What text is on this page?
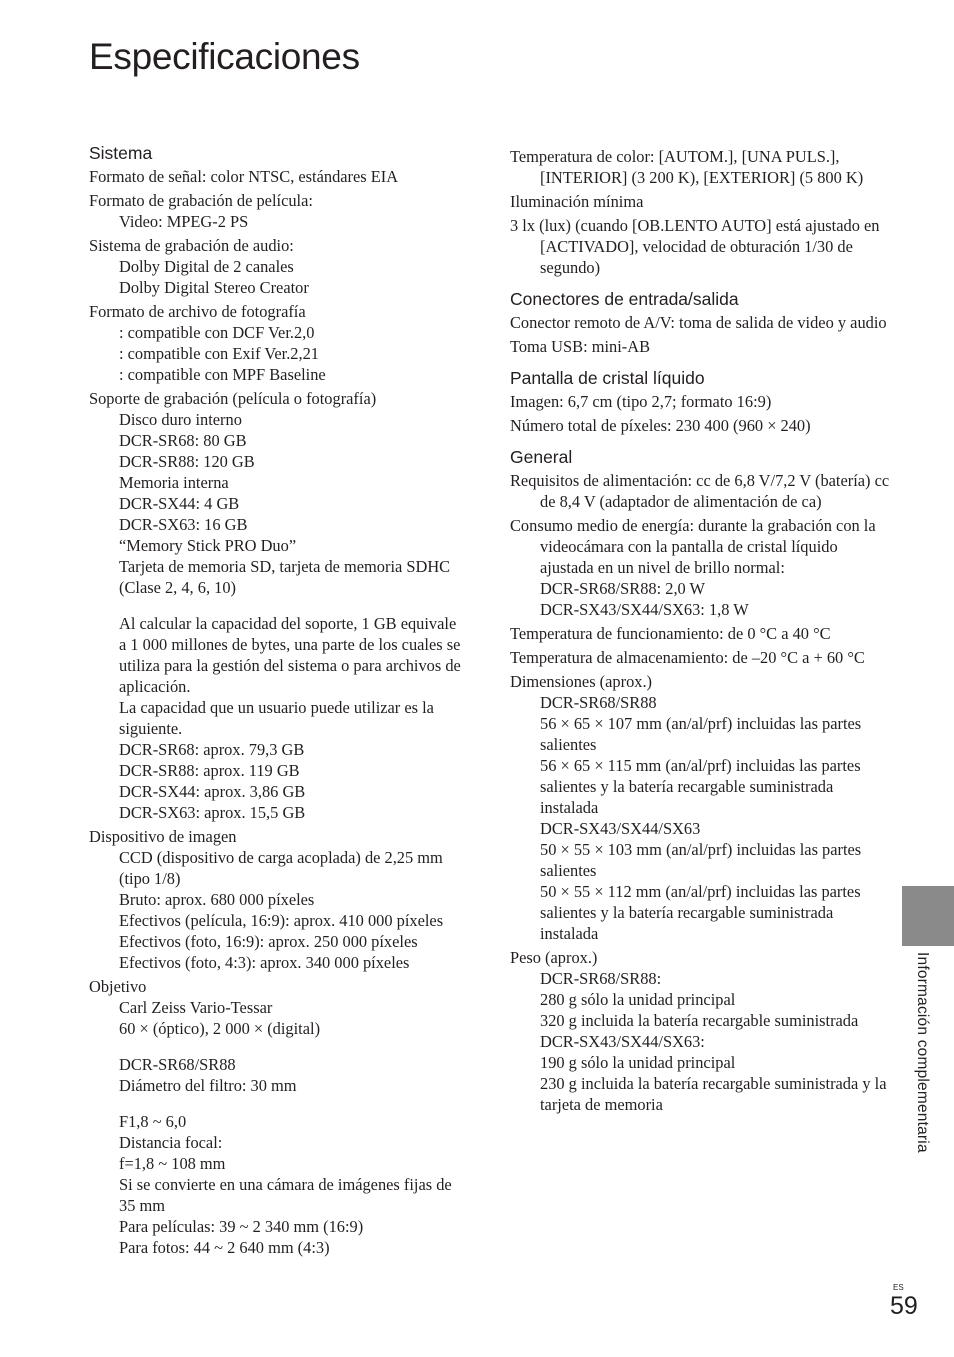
Especificaciones
Sistema
Formato de señal: color NTSC, estándares EIA
Formato de grabación de película:
Video: MPEG-2 PS
Sistema de grabación de audio:
Dolby Digital de 2 canales
Dolby Digital Stereo Creator
Formato de archivo de fotografía
: compatible con DCF Ver.2,0
: compatible con Exif Ver.2,21
: compatible con MPF Baseline
Soporte de grabación (película o fotografía)
Disco duro interno
DCR-SR68: 80 GB
DCR-SR88: 120 GB
Memoria interna
DCR-SX44: 4 GB
DCR-SX63: 16 GB
“Memory Stick PRO Duo”
Tarjeta de memoria SD, tarjeta de memoria SDHC (Clase 2, 4, 6, 10)
Al calcular la capacidad del soporte, 1 GB equivale a 1 000 millones de bytes, una parte de los cuales se utiliza para la gestión del sistema o para archivos de aplicación.
La capacidad que un usuario puede utilizar es la siguiente.
DCR-SR68: aprox. 79,3 GB
DCR-SR88: aprox. 119 GB
DCR-SX44: aprox. 3,86 GB
DCR-SX63: aprox. 15,5 GB
Dispositivo de imagen
CCD (dispositivo de carga acoplada) de 2,25 mm (tipo 1/8)
Bruto: aprox. 680 000 píxeles
Efectivos (película, 16:9): aprox. 410 000 píxeles
Efectivos (foto, 16:9): aprox. 250 000 píxeles
Efectivos (foto, 4:3): aprox. 340 000 píxeles
Objetivo
Carl Zeiss Vario-Tessar
60 × (óptico), 2 000 × (digital)
DCR-SR68/SR88
Diámetro del filtro: 30 mm
F1,8 ~ 6,0
Distancia focal:
f=1,8 ~ 108 mm
Si se convierte en una cámara de imágenes fijas de 35 mm
Para películas: 39 ~ 2 340 mm (16:9)
Para fotos: 44 ~ 2 640 mm (4:3)
Temperatura de color: [AUTOM.], [UNA PULS.], [INTERIOR] (3 200 K), [EXTERIOR] (5 800 K)
Iluminación mínima
3 lx (lux) (cuando [OB.LENTO AUTO] está ajustado en [ACTIVADO], velocidad de obturación 1/30 de segundo)
Conectores de entrada/salida
Conector remoto de A/V: toma de salida de video y audio
Toma USB: mini-AB
Pantalla de cristal líquido
Imagen: 6,7 cm (tipo 2,7; formato 16:9)
Número total de píxeles: 230 400 (960 × 240)
General
Requisitos de alimentación: cc de 6,8 V/7,2 V (batería) cc de 8,4 V (adaptador de alimentación de ca)
Consumo medio de energía: durante la grabación con la videocámara con la pantalla de cristal líquido ajustada en un nivel de brillo normal:
DCR-SR68/SR88: 2,0 W
DCR-SX43/SX44/SX63: 1,8 W
Temperatura de funcionamiento: de 0 °C a 40 °C
Temperatura de almacenamiento: de –20 °C a + 60 °C
Dimensiones (aprox.)
DCR-SR68/SR88
56 × 65 × 107 mm (an/al/prf) incluidas las partes salientes
56 × 65 × 115 mm (an/al/prf) incluidas las partes salientes y la batería recargable suministrada instalada
DCR-SX43/SX44/SX63
50 × 55 × 103 mm (an/al/prf) incluidas las partes salientes
50 × 55 × 112 mm (an/al/prf) incluidas las partes salientes y la batería recargable suministrada instalada
Peso (aprox.)
DCR-SR68/SR88:
280 g sólo la unidad principal
320 g incluida la batería recargable suministrada
DCR-SX43/SX44/SX63:
190 g sólo la unidad principal
230 g incluida la batería recargable suministrada y la tarjeta de memoria	Información complementaria
ES
59
